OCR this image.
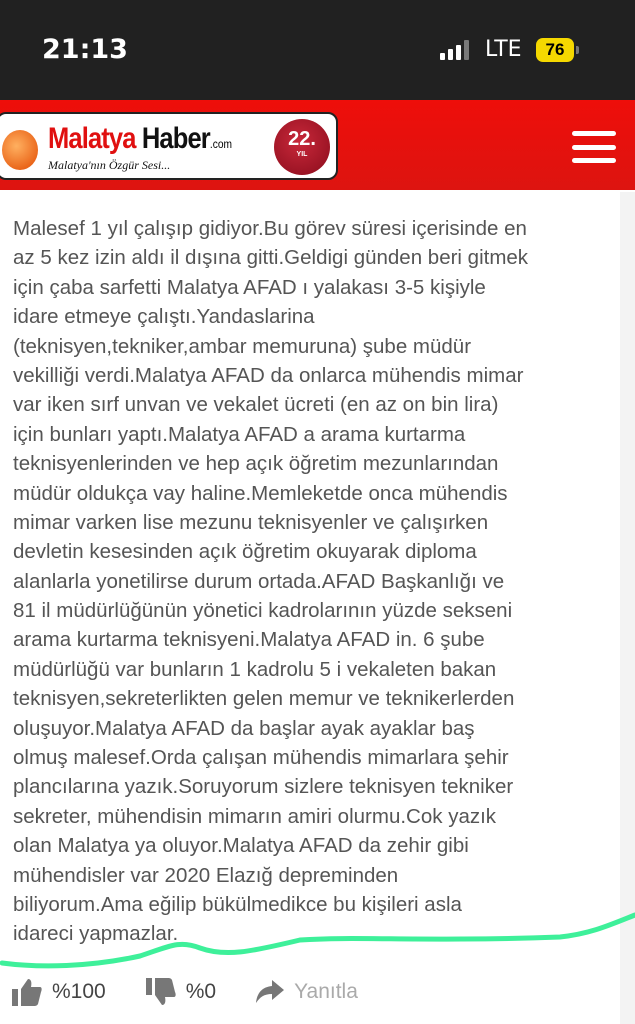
21:13	LTE	76
Malatya Haber.com
Malatya'nın Özgür Sesi...
22.
YIL
Malesef 1 yıl çalışıp gidiyor.Bu görev süresi içerisinde en
az 5 kez izin aldı il dışına gitti.Geldigi günden beri gitmek
için çaba sarfetti Malatya AFAD ı yalakası 3-5 kişiyle
idare etmeye çalıştı.Yandaslarina
(teknisyen,tekniker,ambar memuruna) şube müdür
vekilliği verdi.Malatya AFAD da onlarca mühendis mimar
var iken sırf unvan ve vekalet ücreti (en az on bin lira)
için bunları yaptı.Malatya AFAD a arama kurtarma
teknisyenlerinden ve hep açık öğretim mezunlarından
müdür oldukça vay haline.Memleketde onca mühendis
mimar varken lise mezunu teknisyenler ve çalışırken
devletin kesesinden açık öğretim okuyarak diploma
alanlarla yonetilirse durum ortada.AFAD Başkanlığı ve
81 il müdürlüğünün yönetici kadrolarının yüzde sekseni
arama kurtarma teknisyeni.Malatya AFAD in. 6 şube
müdürlüğü var bunların 1 kadrolu 5 i vekaleten bakan
teknisyen,sekreterlikten gelen memur ve teknikerlerden
oluşuyor.Malatya AFAD da başlar ayak ayaklar baş
olmuş malesef.Orda çalışan mühendis mimarlara şehir
plancılarına yazık.Soruyorum sizlere teknisyen tekniker
sekreter, mühendisin mimarın amiri olurmu.Cok yazık
olan Malatya ya oluyor.Malatya AFAD da zehir gibi
mühendisler var 2020 Elazığ depreminden
biliyorum.Ama eğilip bükülmedikce bu kişileri asla
idareci yapmazlar.
%100	%0	Yanıtla
